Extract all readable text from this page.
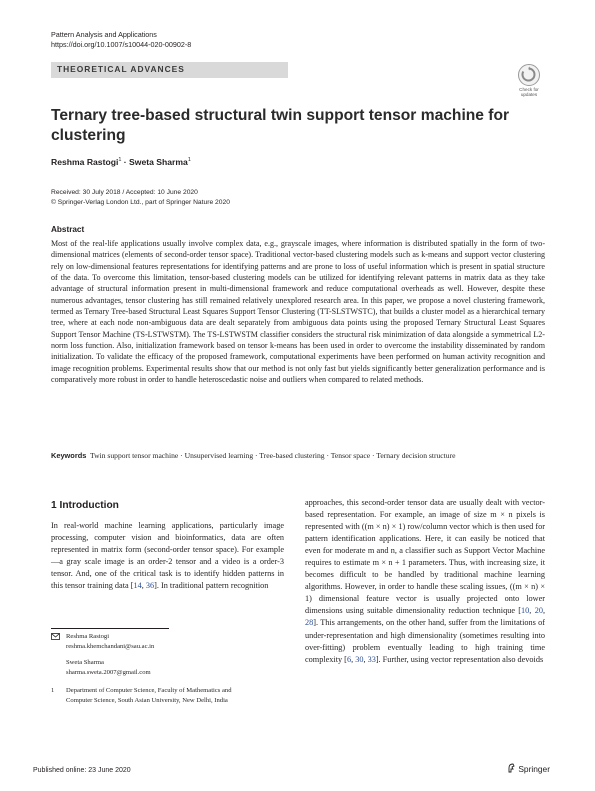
Pattern Analysis and Applications
https://doi.org/10.1007/s10044-020-00902-8
THEORETICAL ADVANCES
Check for
updates
Ternary tree-based structural twin support tensor machine for clustering
Reshma Rastogi$^1$ · Sweta Sharma$^1$
Received: 30 July 2018 / Accepted: 10 June 2020
© Springer-Verlag London Ltd., part of Springer Nature 2020
Abstract
Most of the real-life applications usually involve complex data, e.g., grayscale images, where information is distributed spatially in the form of two-dimensional matrices (elements of second-order tensor space). Traditional vector-based clustering models such as k-means and support vector clustering rely on low-dimensional features representations for identifying patterns and are prone to loss of useful information which is present in spatial structure of the data. To overcome this limitation, tensor-based clustering models can be utilized for identifying relevant patterns in matrix data as they take advantage of structural information present in multi-dimensional framework and reduce computational overheads as well. However, despite these numerous advantages, tensor clustering has still remained relatively unexplored research area. In this paper, we propose a novel clustering framework, termed as Ternary Tree-based Structural Least Squares Support Tensor Clustering (TT-SLSTWSTC), that builds a cluster model as a hierarchical ternary tree, where at each node non-ambiguous data are dealt separately from ambiguous data points using the proposed Ternary Structural Least Squares Support Tensor Machine (TS-LSTWSTM). The TS-LSTWSTM classifier considers the structural risk minimization of data alongside a symmetrical L2-norm loss function. Also, initialization framework based on tensor k-means has been used in order to overcome the instability disseminated by random initialization. To validate the efficacy of the proposed framework, computational experiments have been performed on human activity recognition and image recognition problems. Experimental results show that our method is not only fast but yields significantly better generalization performance and is comparatively more robust in order to handle heteroscedastic noise and outliers when compared to related methods.
Keywords Twin support tensor machine · Unsupervised learning · Tree-based clustering · Tensor space · Ternary decision structure
1 Introduction
In real-world machine learning applications, particularly image processing, computer vision and bioinformatics, data are often represented in matrix form (second-order tensor space). For example—a gray scale image is an order-2 tensor and a video is a order-3 tensor. And, one of the critical task is to identify hidden patterns in this tensor training data [14, 36]. In traditional pattern recognition
approaches, this second-order tensor data are usually dealt with vector-based representation. For example, an image of size m × n pixels is represented with ((m × n) × 1) row/column vector which is then used for pattern identification applications. Here, it can easily be noticed that even for moderate m and n, a classifier such as Support Vector Machine requires to estimate m × n + 1 parameters. Thus, with increasing size, it becomes difficult to be handled by traditional machine learning algorithms. However, in order to handle these scaling issues, ((m × n) × 1) dimensional feature vector is usually projected onto lower dimensions using suitable dimensionality reduction technique [10, 20, 28]. This arrangements, on the other hand, suffer from the limitations of under-representation and high dimensionality (sometimes resulting into over-fitting) problem eventually leading to high training time complexity [6, 30, 33]. Further, using vector representation also devoids
Reshma Rastogi
reshma.khemchandani@sau.ac.in
Sweta Sharma
sharma.sweta.2007@gmail.com
1 Department of Computer Science, Faculty of Mathematics and Computer Science, South Asian University, New Delhi, India
Published online: 23 June 2020	Springer
